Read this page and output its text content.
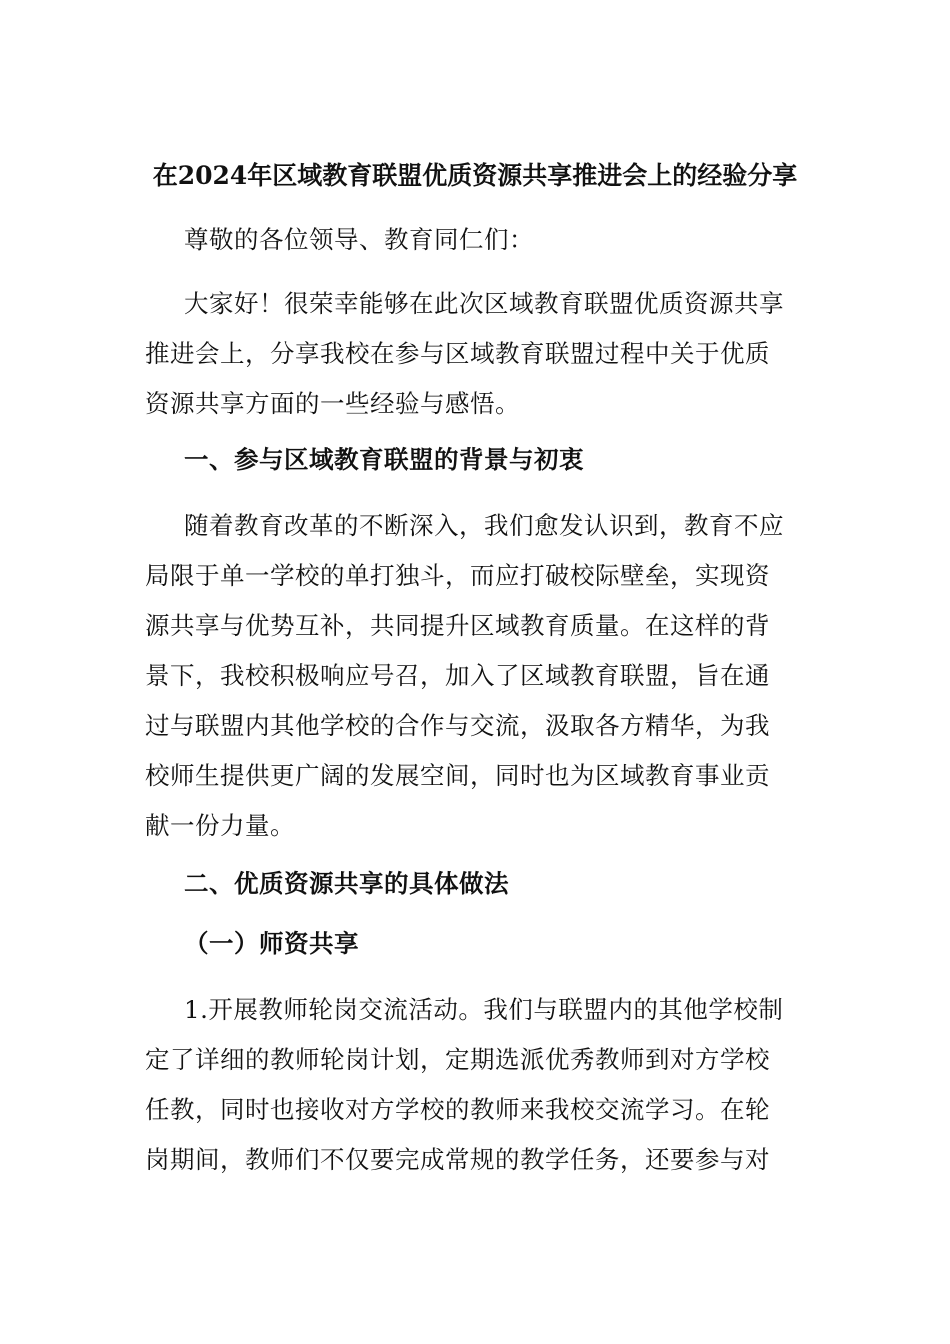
在2024年区域教育联盟优质资源共享推进会上的经验分享
尊敬的各位领导、教育同仁们：
大家好！很荣幸能够在此次区域教育联盟优质资源共享
推进会上，分享我校在参与区域教育联盟过程中关于优质
资源共享方面的一些经验与感悟。
一、参与区域教育联盟的背景与初衷
随着教育改革的不断深入，我们愈发认识到，教育不应
局限于单一学校的单打独斗，而应打破校际壁垒，实现资
源共享与优势互补，共同提升区域教育质量。在这样的背
景下，我校积极响应号召，加入了区域教育联盟，旨在通
过与联盟内其他学校的合作与交流，汲取各方精华，为我
校师生提供更广阔的发展空间，同时也为区域教育事业贡
献一份力量。
二、优质资源共享的具体做法
（一）师资共享
1.开展教师轮岗交流活动。我们与联盟内的其他学校制
定了详细的教师轮岗计划，定期选派优秀教师到对方学校
任教，同时也接收对方学校的教师来我校交流学习。在轮
岗期间，教师们不仅要完成常规的教学任务，还要参与对
